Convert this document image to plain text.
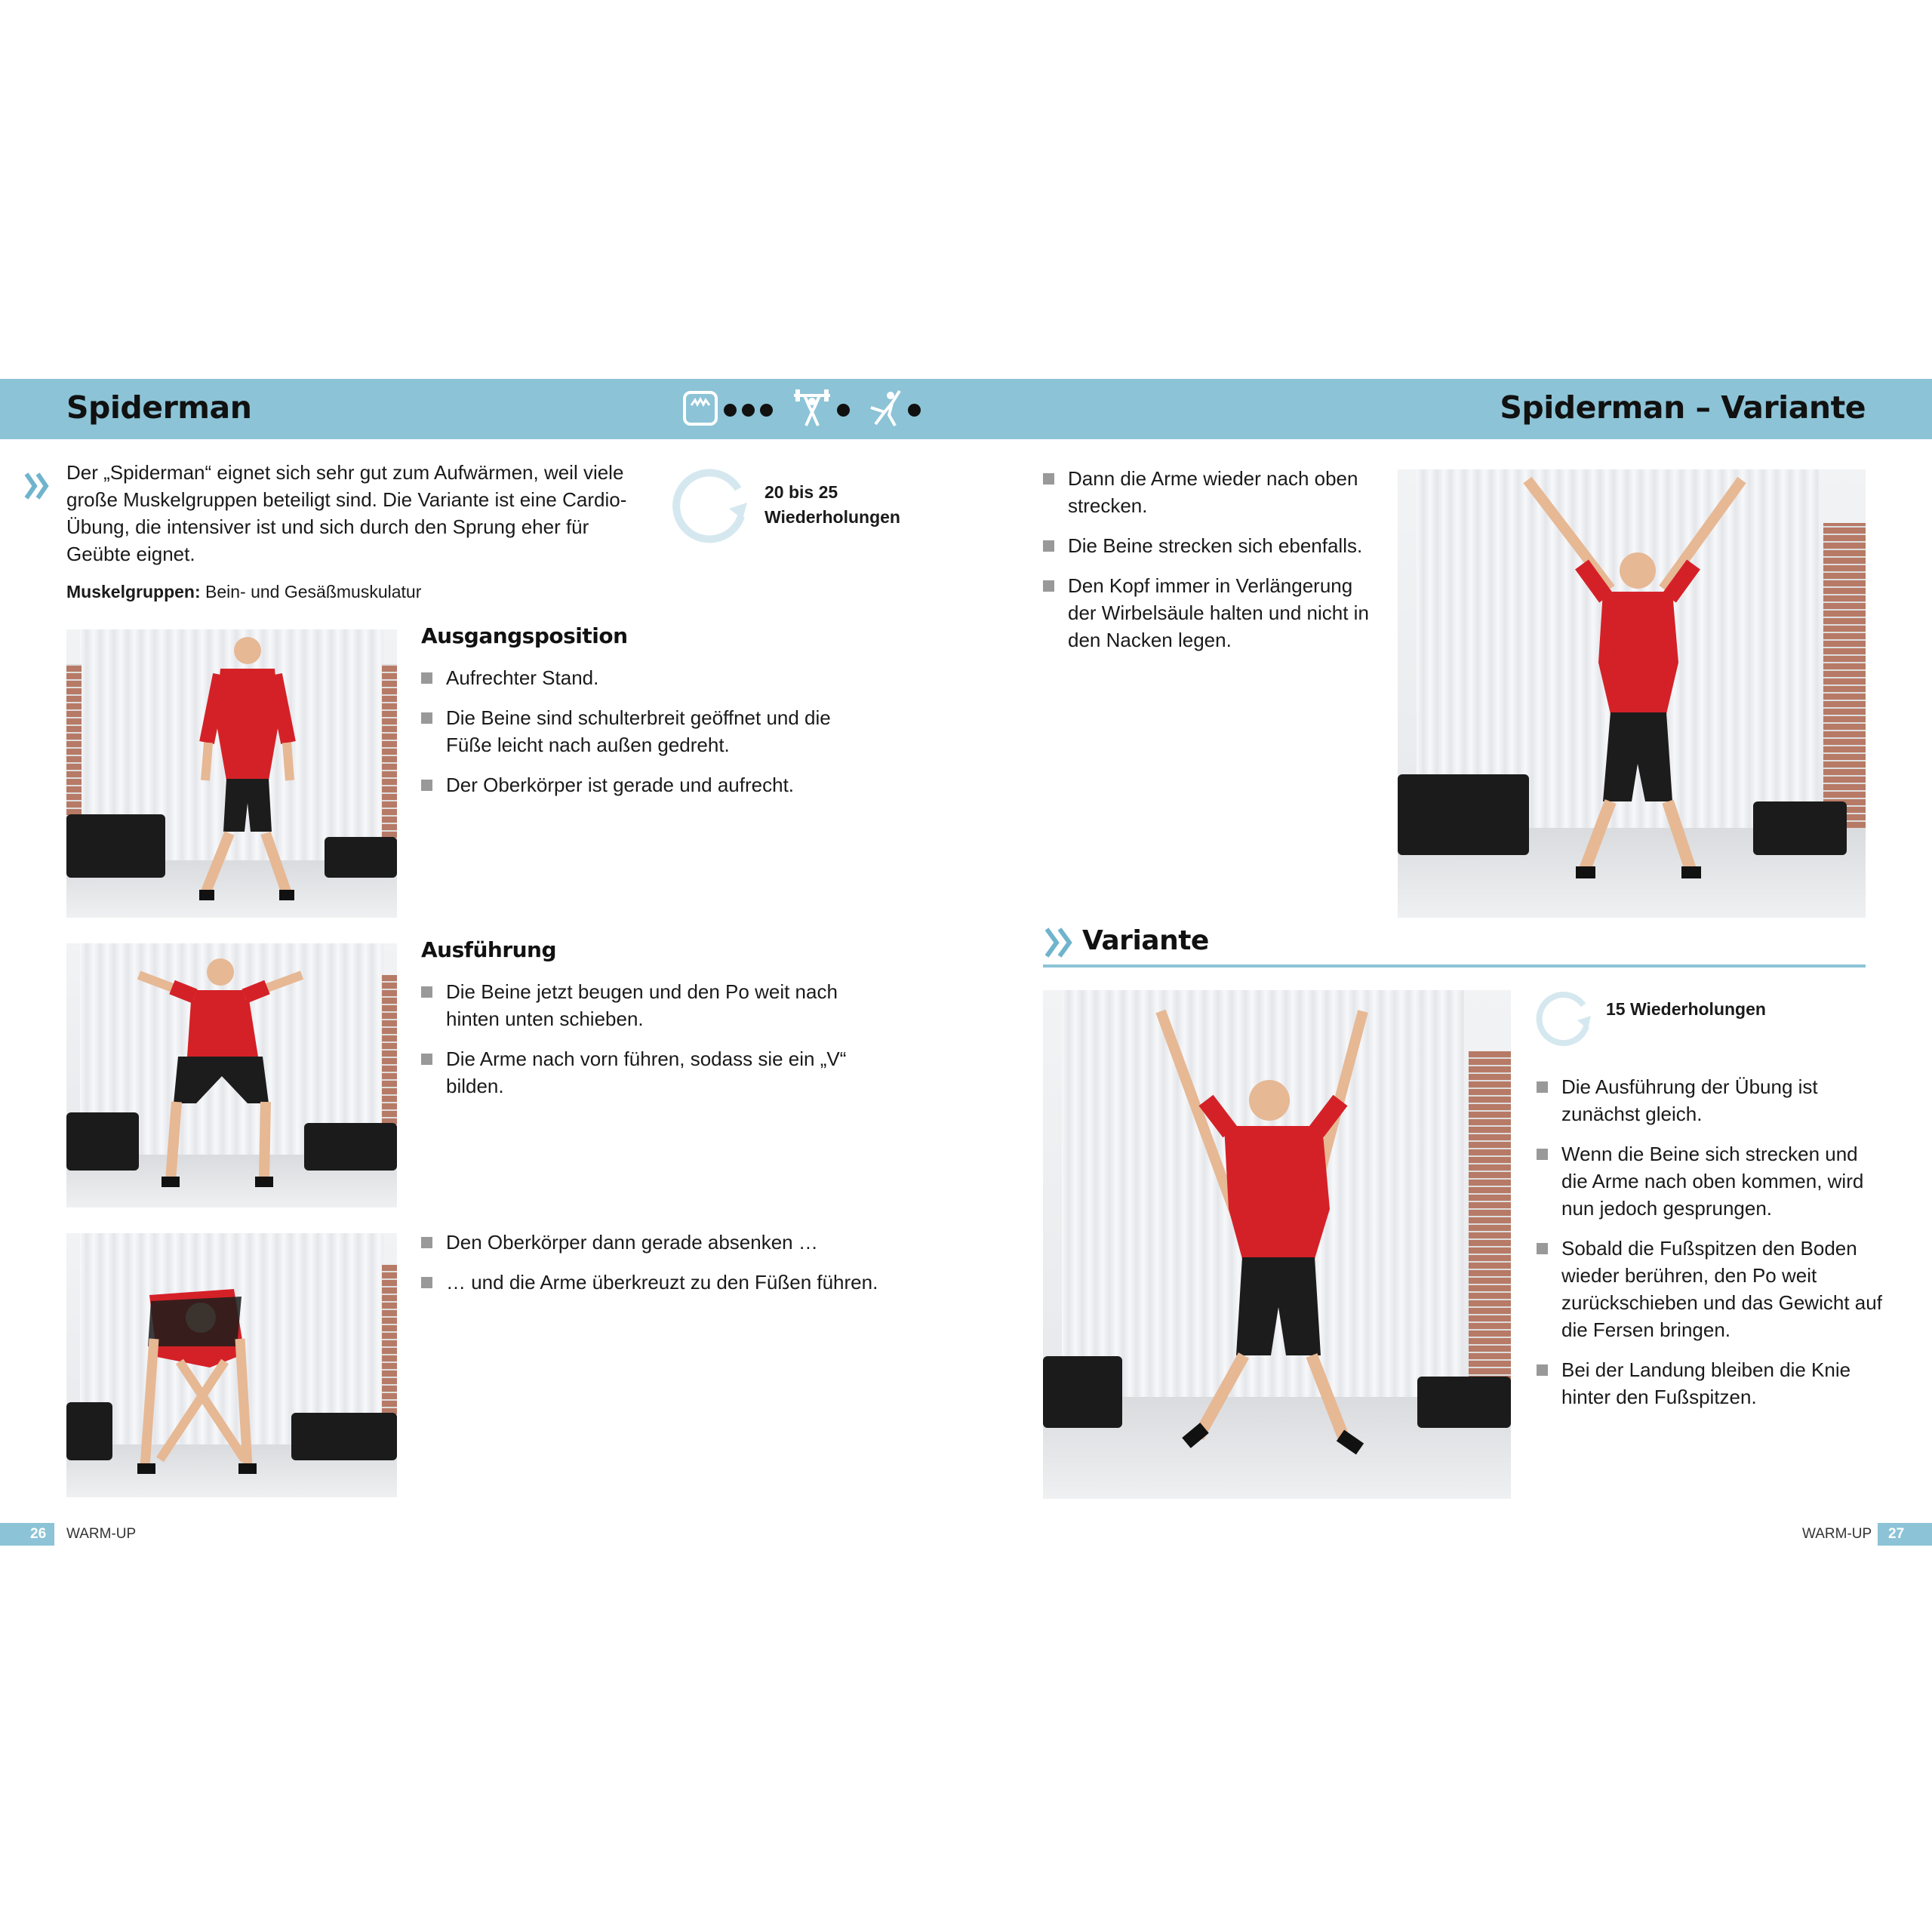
Spiderman	Spiderman – Variante

Der „Spiderman“ eignet sich sehr gut zum Aufwärmen, weil viele große Muskelgruppen beteiligt sind. Die Variante ist eine Cardio-Übung, die intensiver ist und sich durch den Sprung eher für Geübte eignet.

Muskelgruppen: Bein- und Gesäßmuskulatur

20 bis 25
Wiederholungen
Ausgangsposition
Aufrechter Stand.
Die Beine sind schulterbreit geöffnet und die Füße leicht nach außen gedreht.
Der Oberkörper ist gerade und aufrecht.
Ausführung
Die Beine jetzt beugen und den Po weit nach hinten unten schieben.
Die Arme nach vorn führen, sodass sie ein „V“ bilden.
Den Oberkörper dann gerade absenken …
… und die Arme überkreuzt zu den Füßen führen.
Dann die Arme wieder nach oben strecken.
Die Beine strecken sich ebenfalls.
Den Kopf immer in Verlängerung der Wirbelsäule halten und nicht in den Nacken legen.
Variante
15 Wiederholungen
Die Ausführung der Übung ist zunächst gleich.
Wenn die Beine sich strecken und die Arme nach oben kommen, wird nun jedoch gesprungen.
Sobald die Fußspitzen den Boden wieder berühren, den Po weit zurückschieben und das Gewicht auf die Fersen bringen.
Bei der Landung bleiben die Knie hinter den Fußspitzen.
26	WARM-UP	WARM-UP	27
